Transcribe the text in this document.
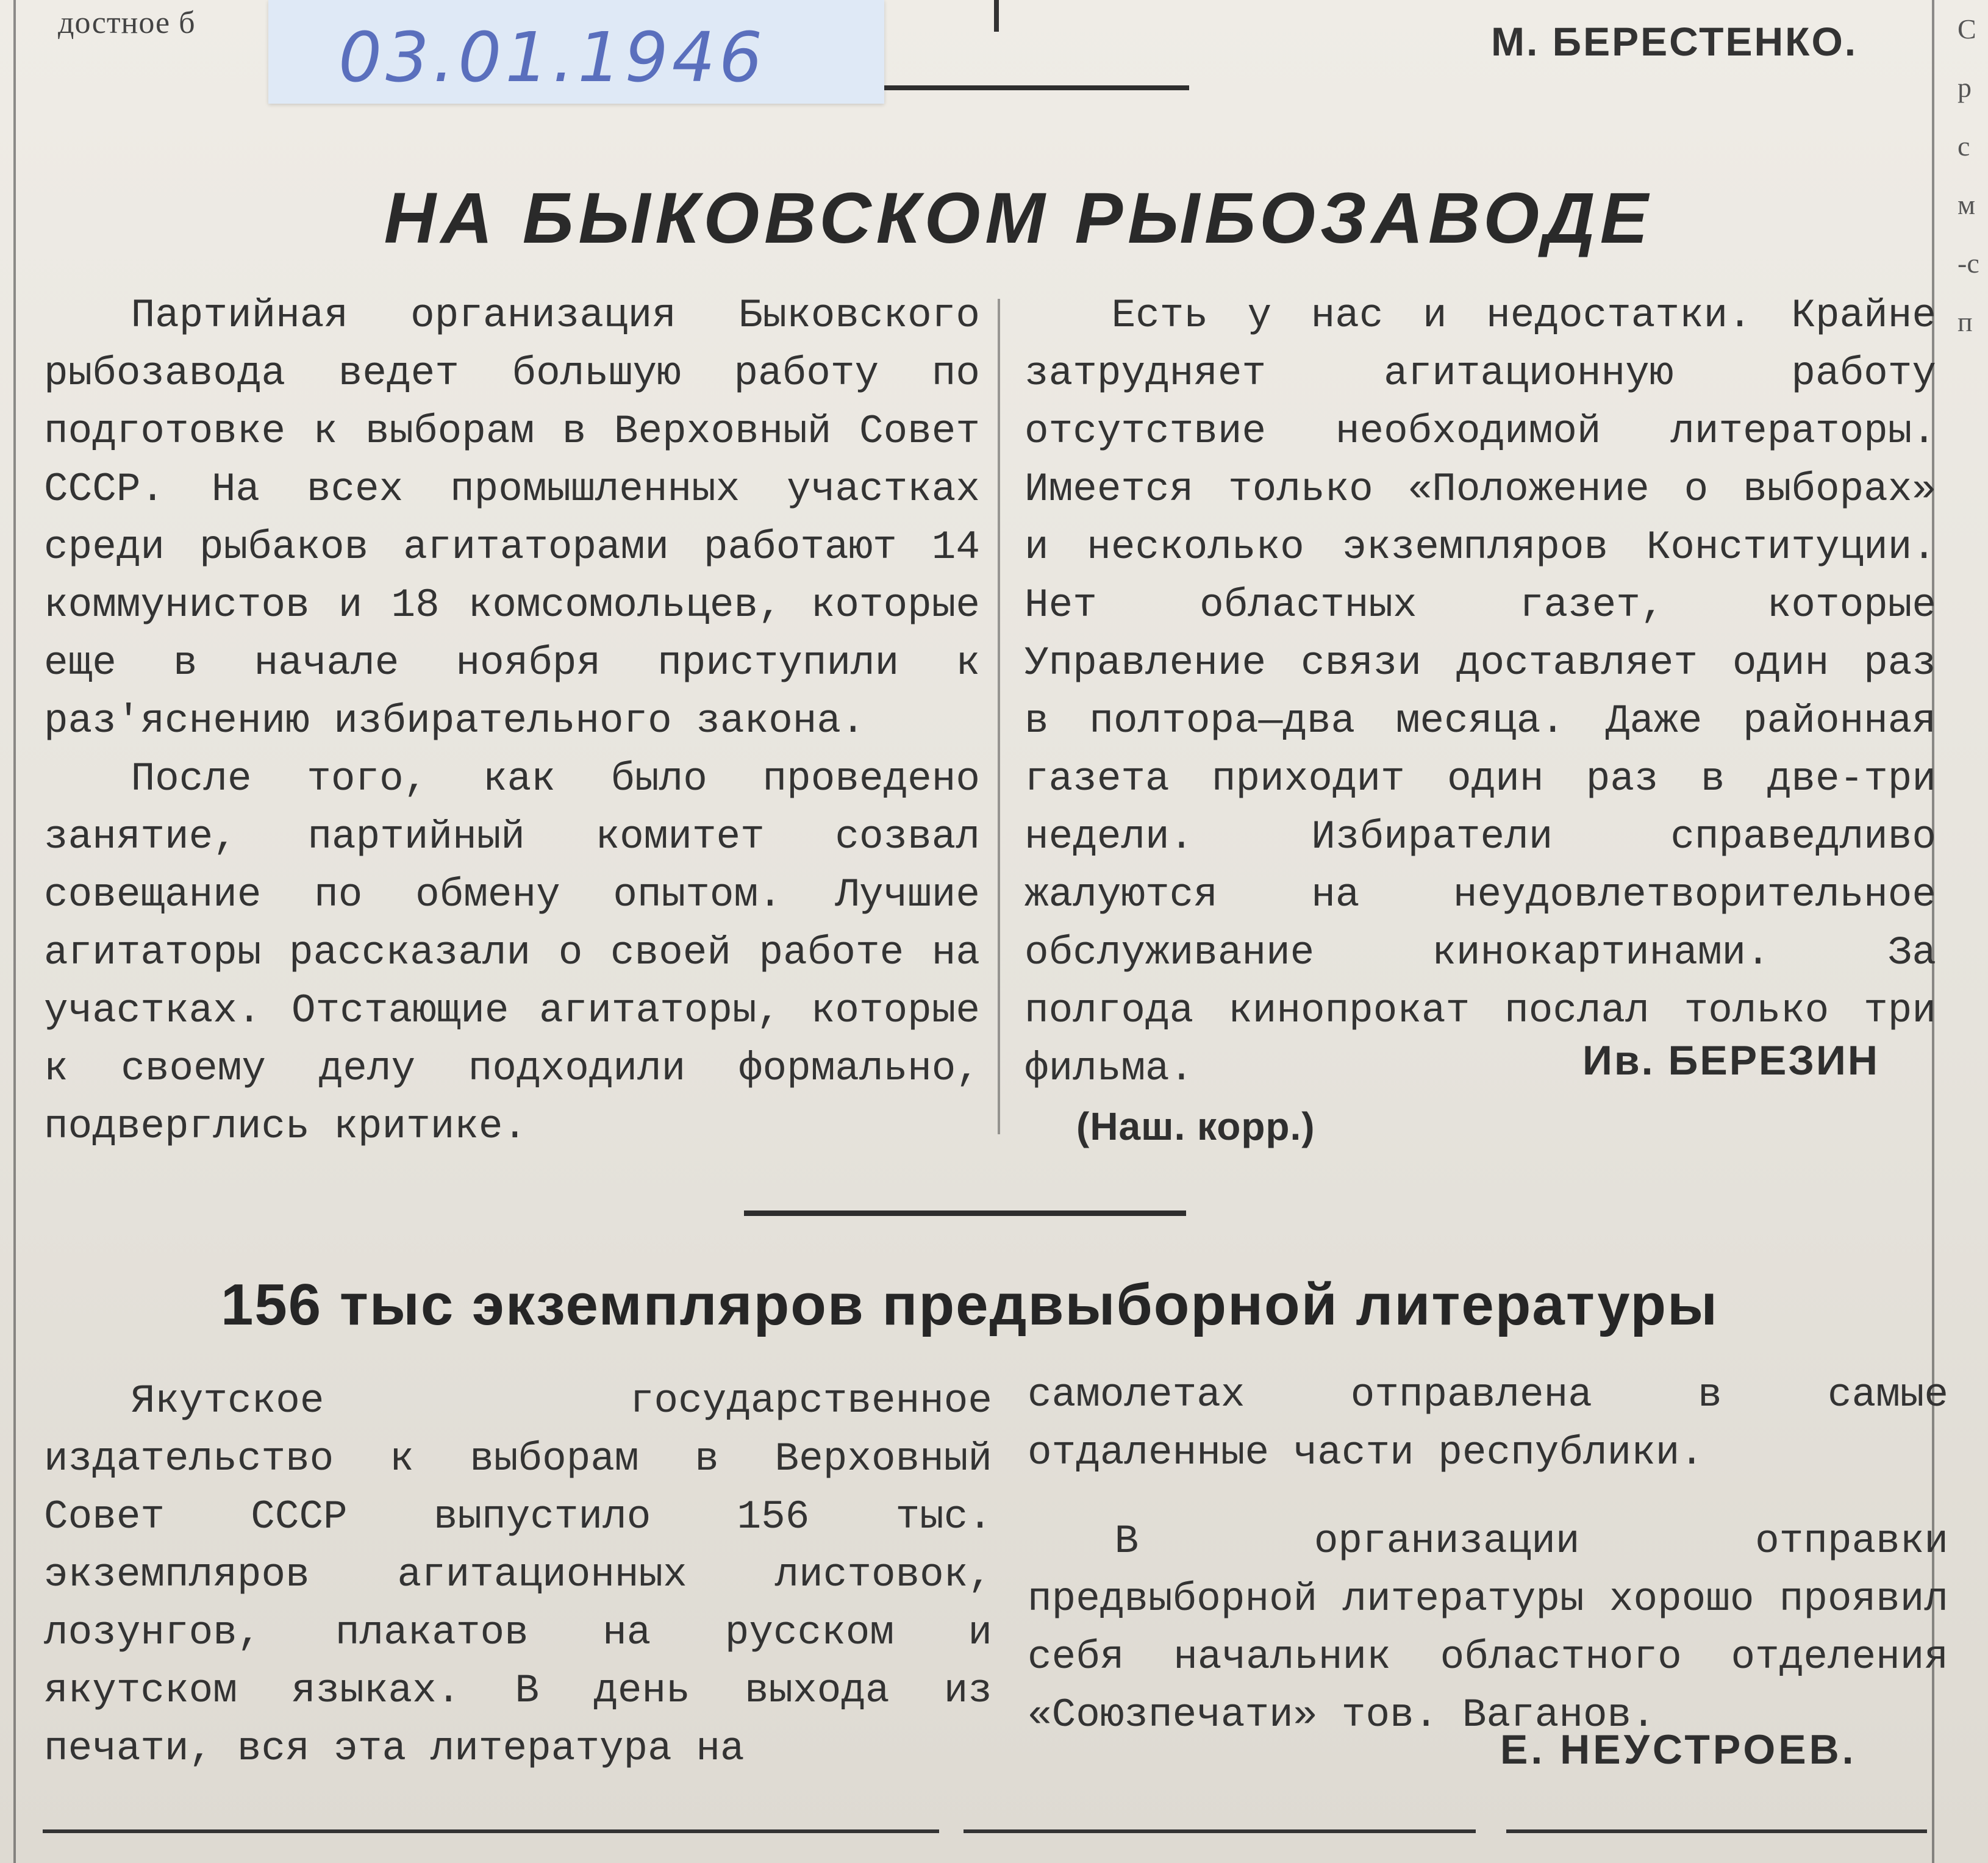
достное б 03.01.1946	М. БЕРЕСТЕНКО.	С
р
с
м
-с
п
НА БЫКОВСКОМ РЫБОЗАВОДЕ

Партийная организация Быковского рыбозавода ведет большую работу по подготовке к выборам в Верховный Совет СССР. На всех промышленных участках среди рыбаков агитаторами работают 14 коммунистов и 18 комсомольцев, которые еще в начале ноября приступили к раз'яснению избирательного закона.

После того, как было проведено занятие, партийный комитет созвал совещание по обмену опытом. Лучшие агитаторы рассказали о своей работе на участках. Отстающие агитаторы, которые к своему делу подходили формально, подверглись критике.

Есть у нас и недостатки. Крайне затрудняет агитационную работу отсутствие необходимой литераторы. Имеется только «Положение о выборах» и несколько экземпляров Конституции. Нет областных газет, которые Управление связи доставляет один раз в полтора—два месяца. Даже районная газета приходит один раз в две-три недели. Избиратели справедливо жалуются на неудовлетворительное обслуживание кинокартинами. За полгода кинопрокат послал только три фильма.	Ив. БЕРЕЗИН
(Наш. корр.)
156 тыс экземпляров предвыборной литературы

Якутское государственное издательство к выборам в Верховный Совет СССР выпустило 156 тыс. экземпляров агитационных листовок, лозунгов, плакатов на русском и якутском языках. В день выхода из печати, вся эта литература на

самолетах отправлена в самые отдаленные части республики.

В организации отправки предвыборной литературы хорошо проявил себя начальник областного отделения «Союзпечати» тов. Ваганов.

Е. НЕУСТРОЕВ.
